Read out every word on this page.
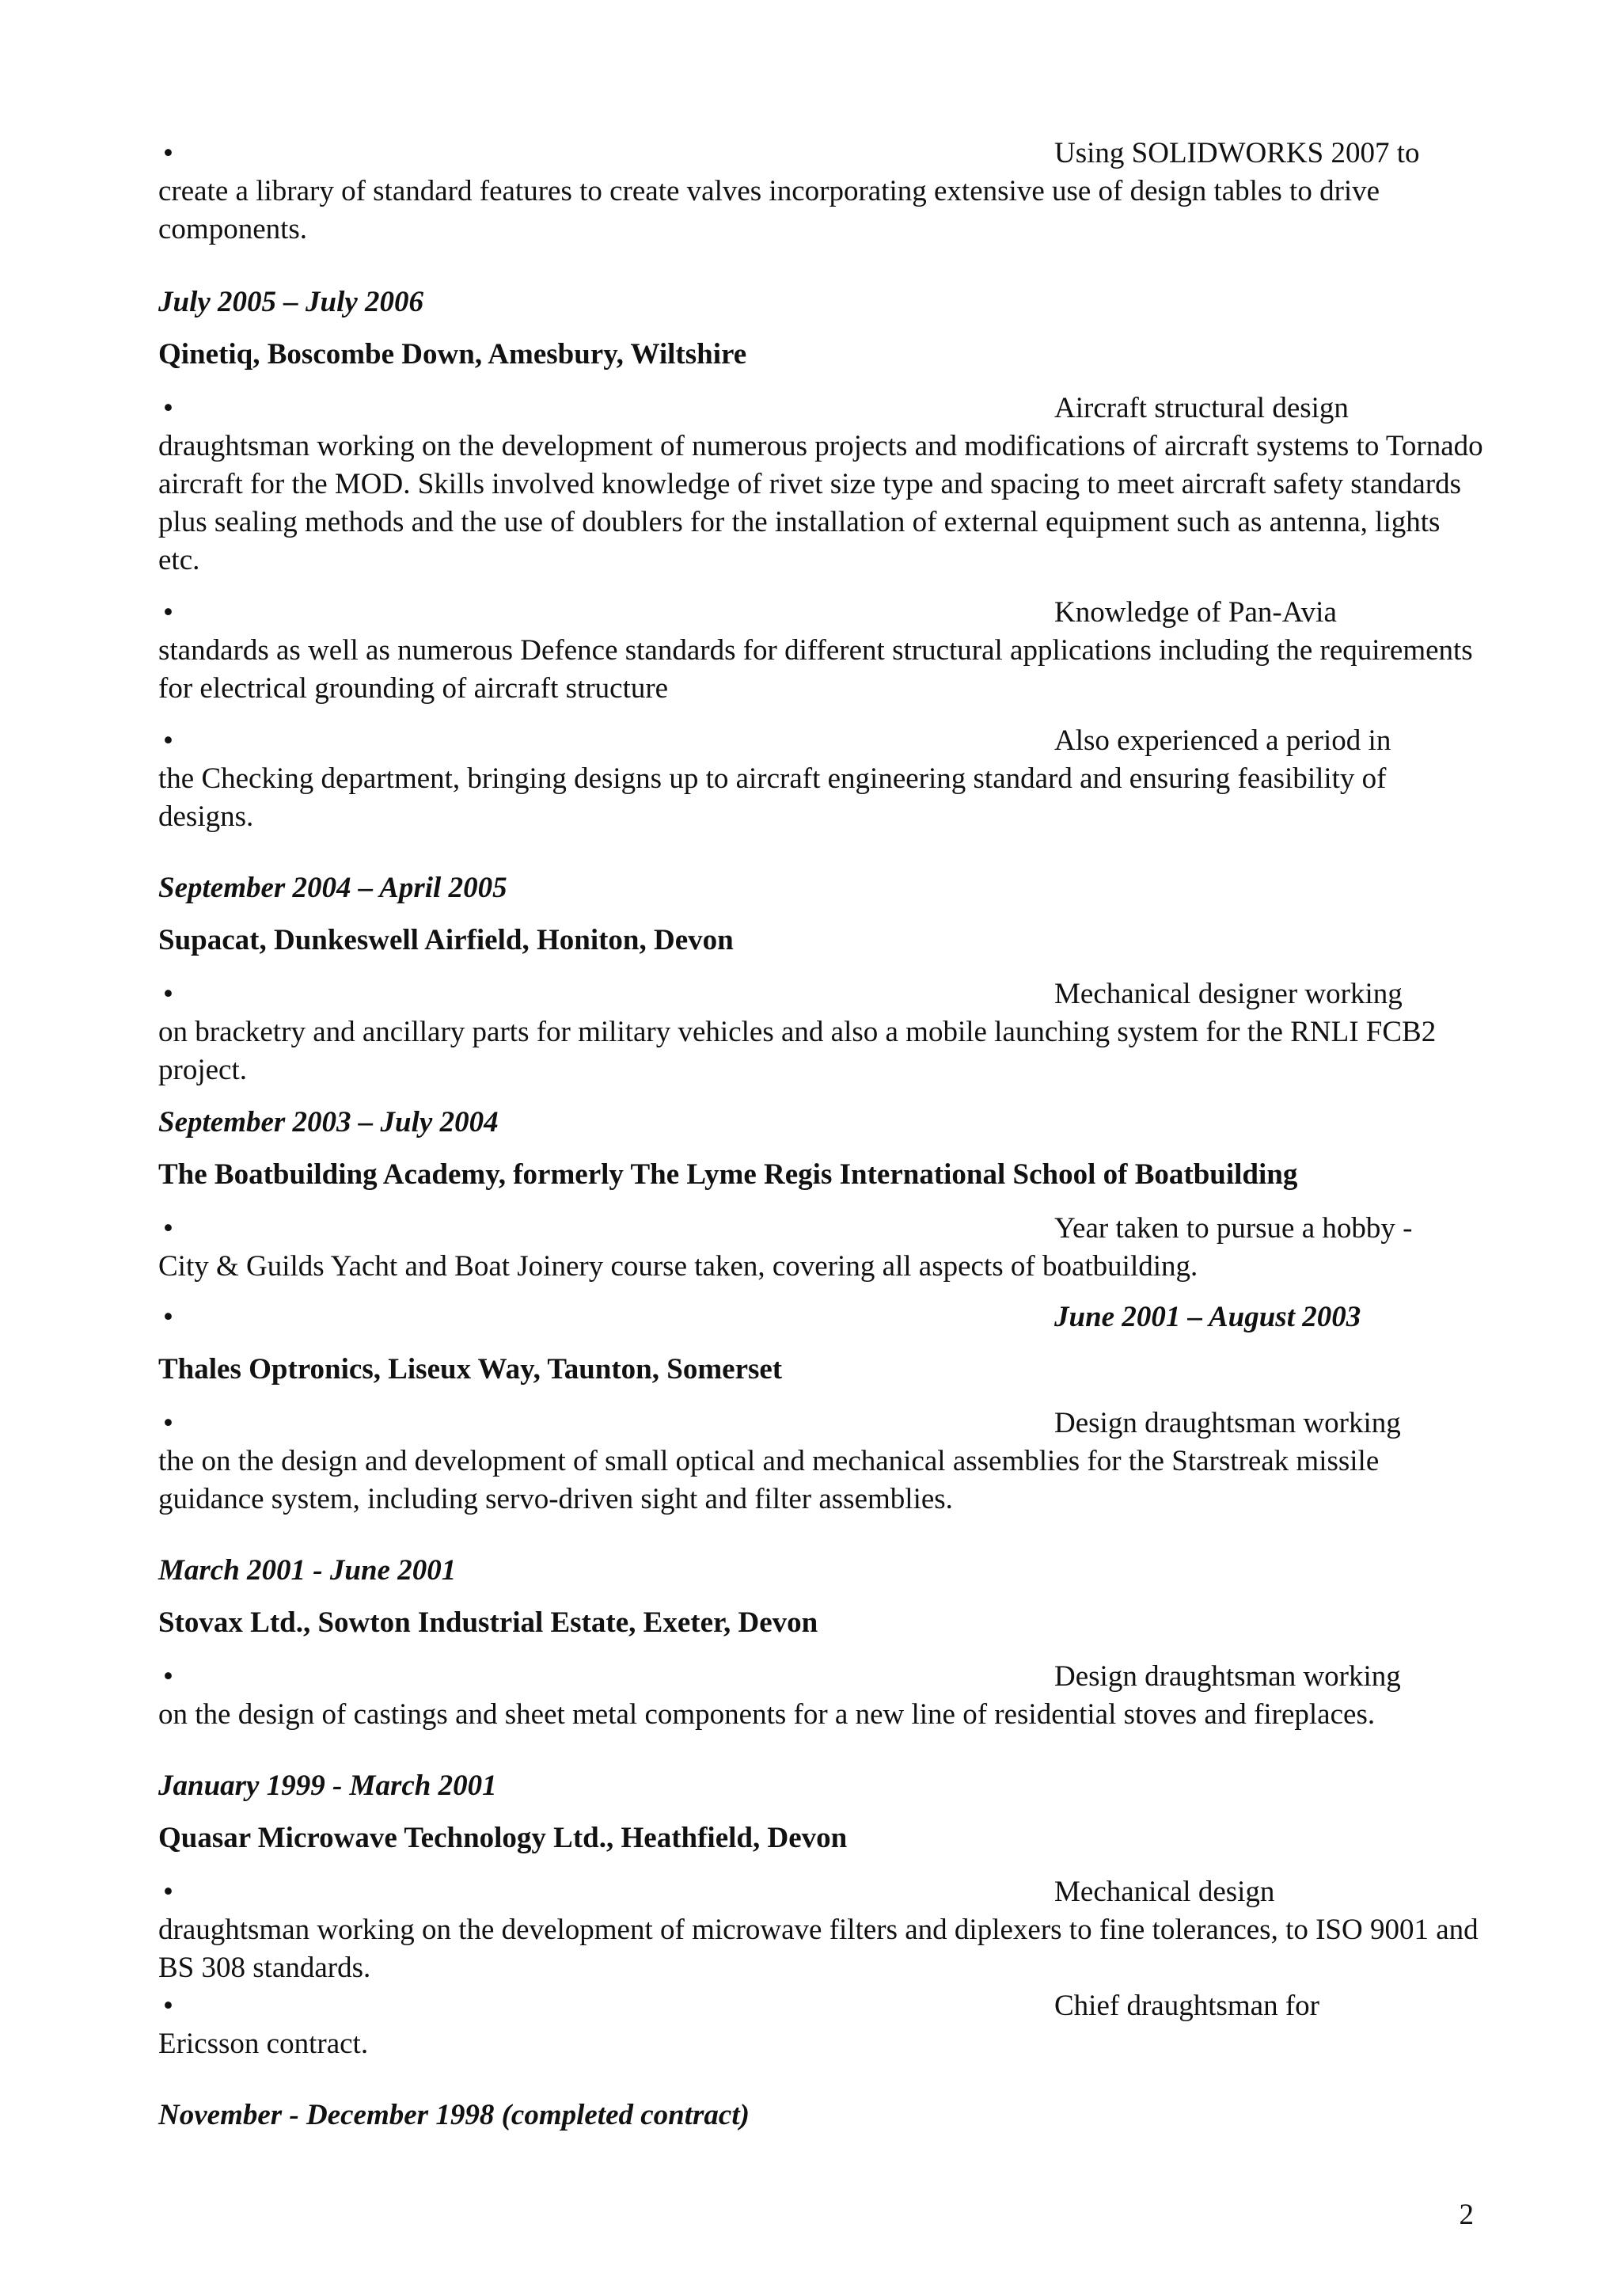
•	Using SOLIDWORKS 2007 to

create a library of standard features to create valves incorporating extensive use of design tables to drive components.

July 2005 – July 2006

Qinetiq, Boscombe Down, Amesbury, Wiltshire

•	Aircraft structural design

draughtsman working on the development of numerous projects and modifications of aircraft systems to Tornado aircraft for the MOD. Skills involved knowledge of rivet size type and spacing to meet aircraft safety standards plus sealing methods and the use of doublers for the installation of external equipment such as antenna, lights etc.

•	Knowledge of Pan-Avia

standards as well as numerous Defence standards for different structural applications including the requirements for electrical grounding of aircraft structure

•	Also experienced a period in

the Checking department, bringing designs up to aircraft engineering standard and ensuring feasibility of designs.

September 2004 – April 2005

Supacat, Dunkeswell Airfield, Honiton, Devon

•	Mechanical designer working

on bracketry and ancillary parts for military vehicles and also a mobile launching system for the RNLI FCB2 project.

September 2003 – July 2004

The Boatbuilding Academy, formerly The Lyme Regis International School of Boatbuilding

•	Year taken to pursue a hobby -

City & Guilds Yacht and Boat Joinery course taken, covering all aspects of boatbuilding.

•	June 2001 – August 2003

Thales Optronics, Liseux Way, Taunton, Somerset

•	Design draughtsman working

the on the design and development of small optical and mechanical assemblies for the Starstreak missile guidance system, including servo-driven sight and filter assemblies.

March 2001 - June 2001

Stovax Ltd., Sowton Industrial Estate, Exeter, Devon

•	Design draughtsman working

on the design of castings and sheet metal components for a new line of residential stoves and fireplaces.

January 1999 - March 2001

Quasar Microwave Technology Ltd., Heathfield, Devon

•	Mechanical design

draughtsman working on the development of microwave filters and diplexers to fine tolerances, to ISO 9001 and BS 308 standards.

•	Chief draughtsman for

Ericsson contract.

November - December 1998 (completed contract)

2
